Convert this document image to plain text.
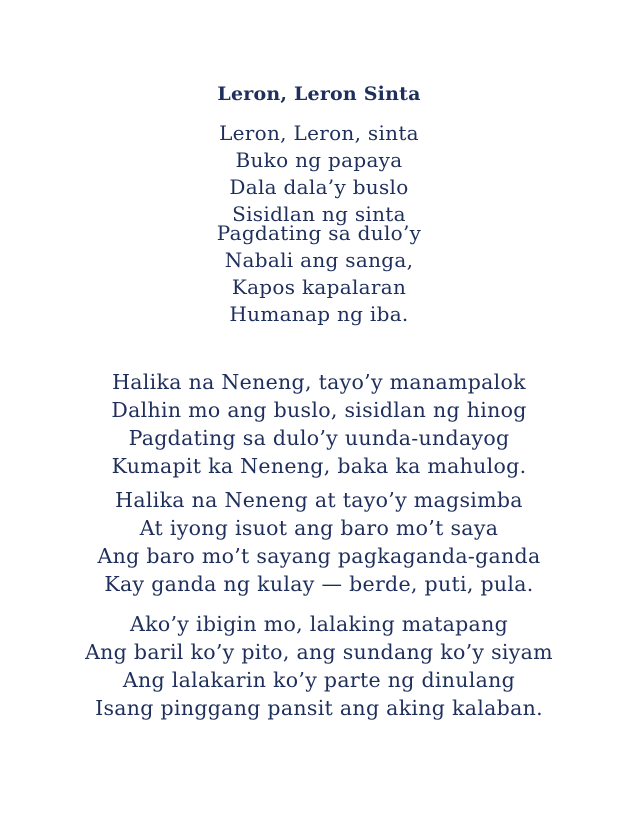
Leron, Leron Sinta
Leron, Leron, sinta
Buko ng papaya
Dala dala’y buslo
Sisidlan ng sinta
Pagdating sa dulo’y
Nabali ang sanga,
Kapos kapalaran
Humanap ng iba.
Halika na Neneng, tayo’y manampalok
Dalhin mo ang buslo, sisidlan ng hinog
Pagdating sa dulo’y uunda-undayog
Kumapit ka Neneng, baka ka mahulog.
Halika na Neneng at tayo’y magsimba
At iyong isuot ang baro mo’t saya
Ang baro mo’t sayang pagkaganda-ganda
Kay ganda ng kulay — berde, puti, pula.
Ako’y ibigin mo, lalaking matapang
Ang baril ko’y pito, ang sundang ko’y siyam
Ang lalakarin ko’y parte ng dinulang
Isang pinggang pansit ang aking kalaban.
